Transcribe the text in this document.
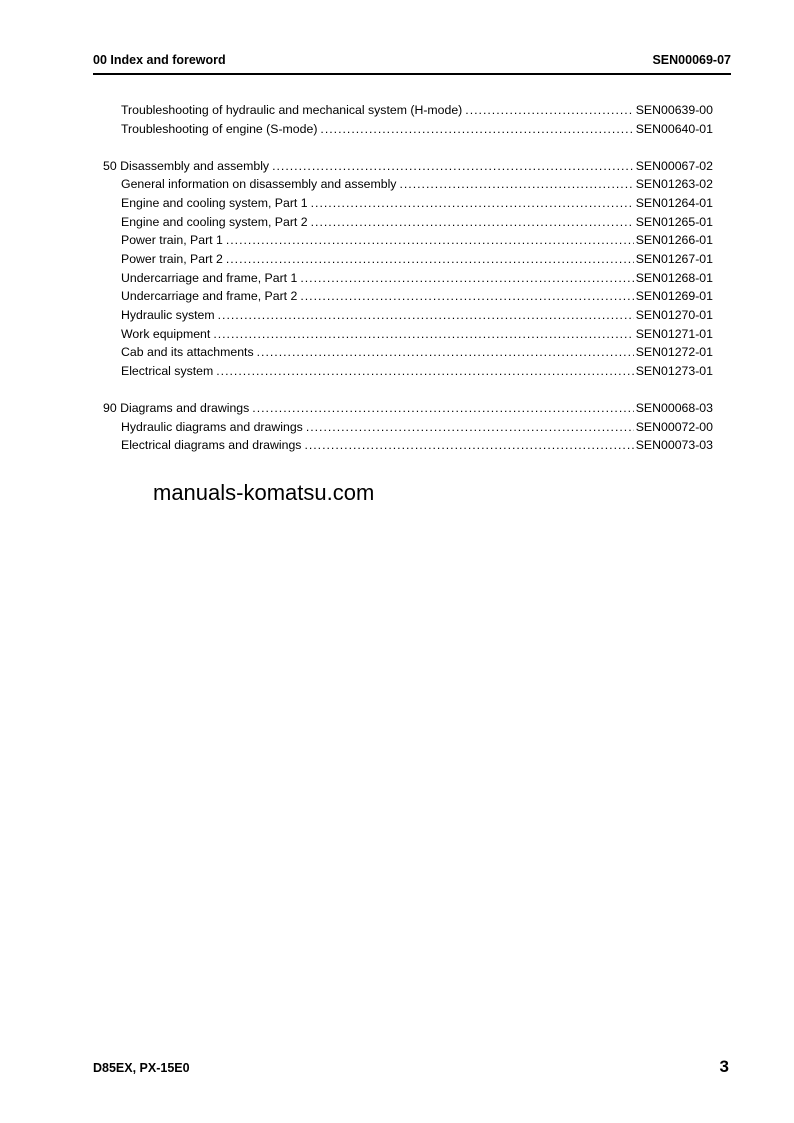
00 Index and foreword	SEN00069-07
Troubleshooting of hydraulic and mechanical system (H-mode) .....	SEN00639-00
Troubleshooting of engine (S-mode) .....	SEN00640-01
50 Disassembly and assembly .....	SEN00067-02
General information on disassembly and assembly .....	SEN01263-02
Engine and cooling system, Part 1 .....	SEN01264-01
Engine and cooling system, Part 2 .....	SEN01265-01
Power train, Part 1 .....	SEN01266-01
Power train, Part 2 .....	SEN01267-01
Undercarriage and frame, Part 1 .....	SEN01268-01
Undercarriage and frame, Part 2 .....	SEN01269-01
Hydraulic system .....	SEN01270-01
Work equipment .....	SEN01271-01
Cab and its attachments .....	SEN01272-01
Electrical system .....	SEN01273-01
90 Diagrams and drawings .....	SEN00068-03
Hydraulic diagrams and drawings .....	SEN00072-00
Electrical diagrams and drawings .....	SEN00073-03
manuals-komatsu.com
D85EX, PX-15E0	3
